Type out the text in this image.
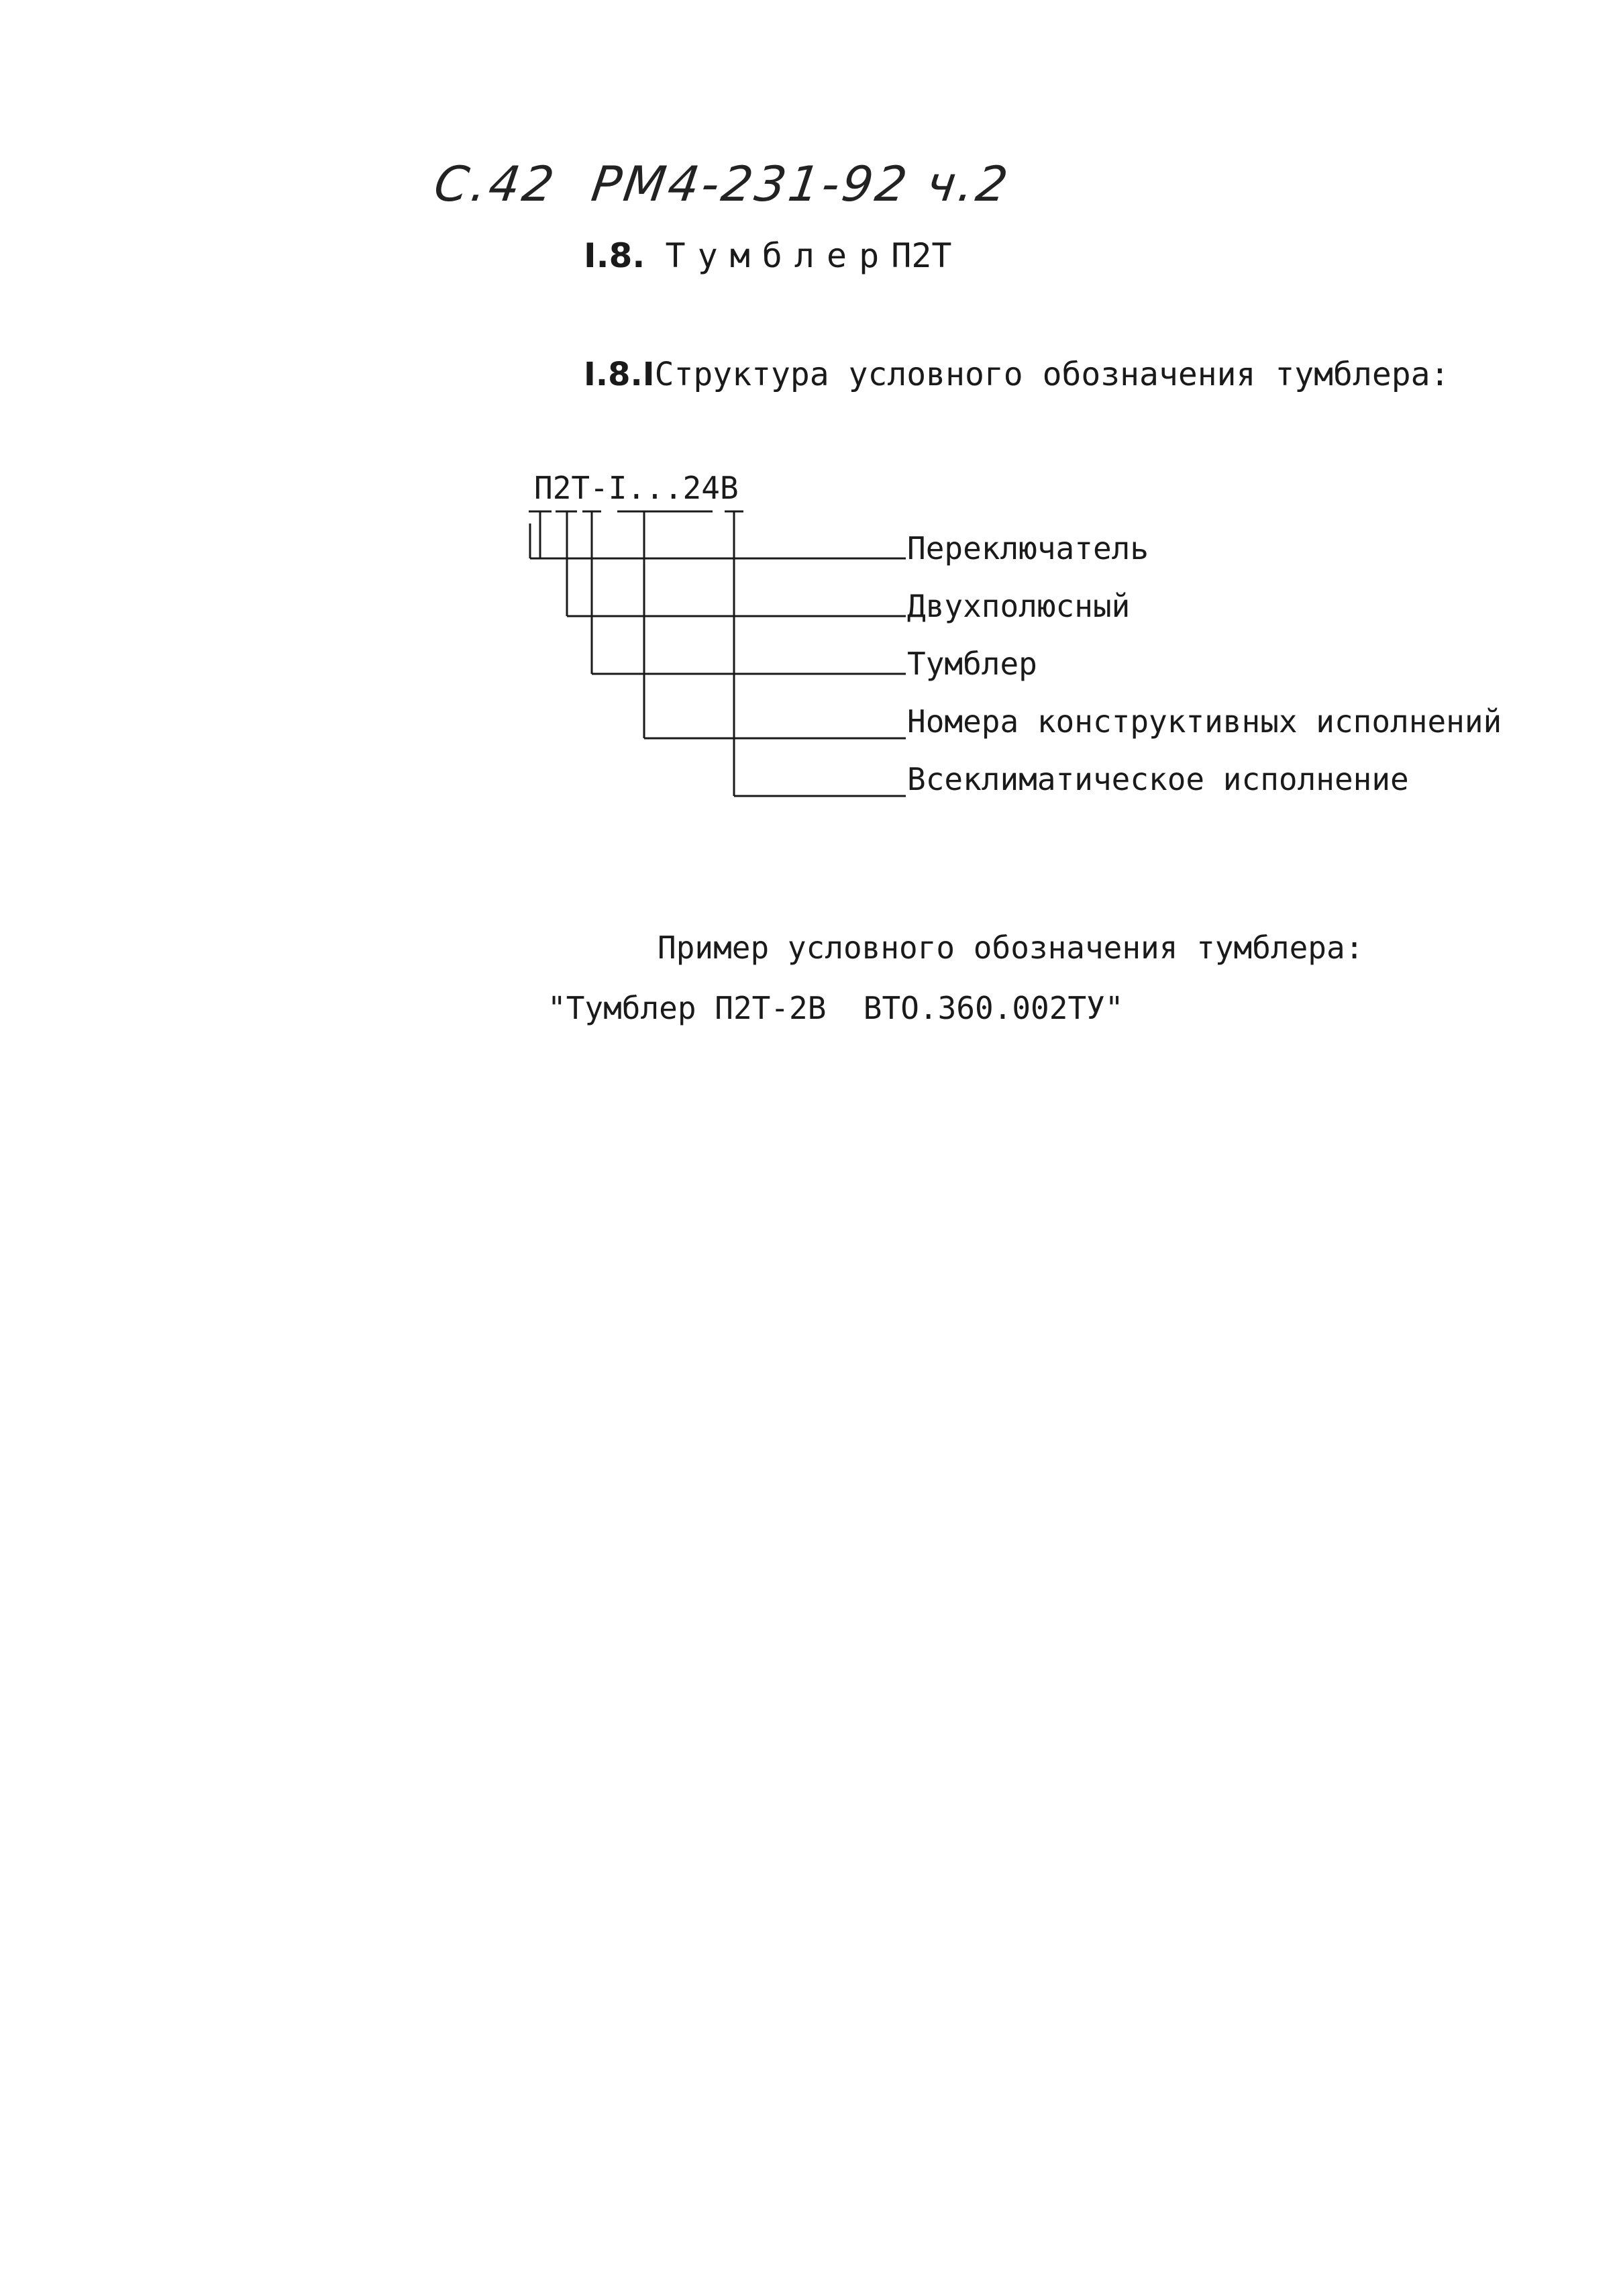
С.42  РМ4-231-92 ч.2
I.8. ТумблерП2Т
I.8.IСтруктура условного обозначения тумблера:
П2Т-I...24В
Переключатель
Двухполюсный
Тумблер
Номера конструктивных исполнений
Всеклиматическое исполнение
Пример условного обозначения тумблера:
"Тумблер П2Т-2В  ВТО.360.002ТУ"
